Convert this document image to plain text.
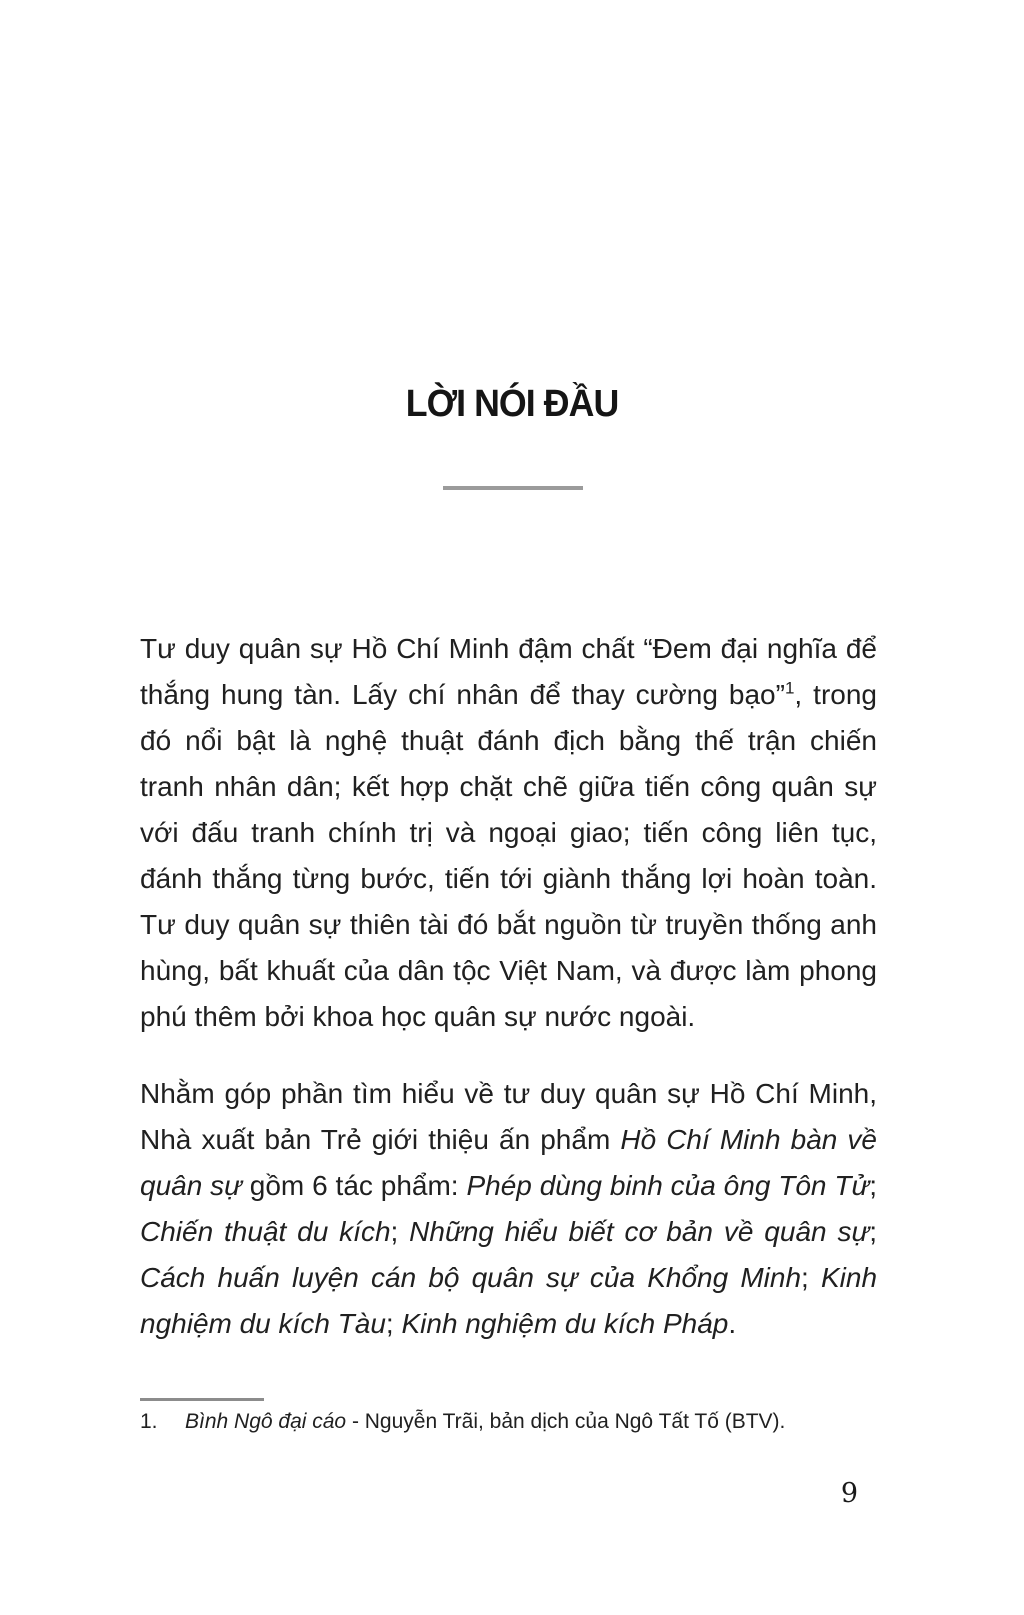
LỜI NÓI ĐẦU

Tư duy quân sự Hồ Chí Minh đậm chất “Đem đại nghĩa để thắng hung tàn. Lấy chí nhân để thay cường bạo”$^1$, trong đó nổi bật là nghệ thuật đánh địch bằng thế trận chiến tranh nhân dân; kết hợp chặt chẽ giữa tiến công quân sự với đấu tranh chính trị và ngoại giao; tiến công liên tục, đánh thắng từng bước, tiến tới giành thắng lợi hoàn toàn. Tư duy quân sự thiên tài đó bắt nguồn từ truyền thống anh hùng, bất khuất của dân tộc Việt Nam, và được làm phong phú thêm bởi khoa học quân sự nước ngoài.

Nhằm góp phần tìm hiểu về tư duy quân sự Hồ Chí Minh, Nhà xuất bản Trẻ giới thiệu ấn phẩm Hồ Chí Minh bàn về quân sự gồm 6 tác phẩm: Phép dùng binh của ông Tôn Tử; Chiến thuật du kích; Những hiểu biết cơ bản về quân sự; Cách huấn luyện cán bộ quân sự của Khổng Minh; Kinh nghiệm du kích Tàu; Kinh nghiệm du kích Pháp.

1.	Bình Ngô đại cáo - Nguyễn Trãi, bản dịch của Ngô Tất Tố (BTV).
9
